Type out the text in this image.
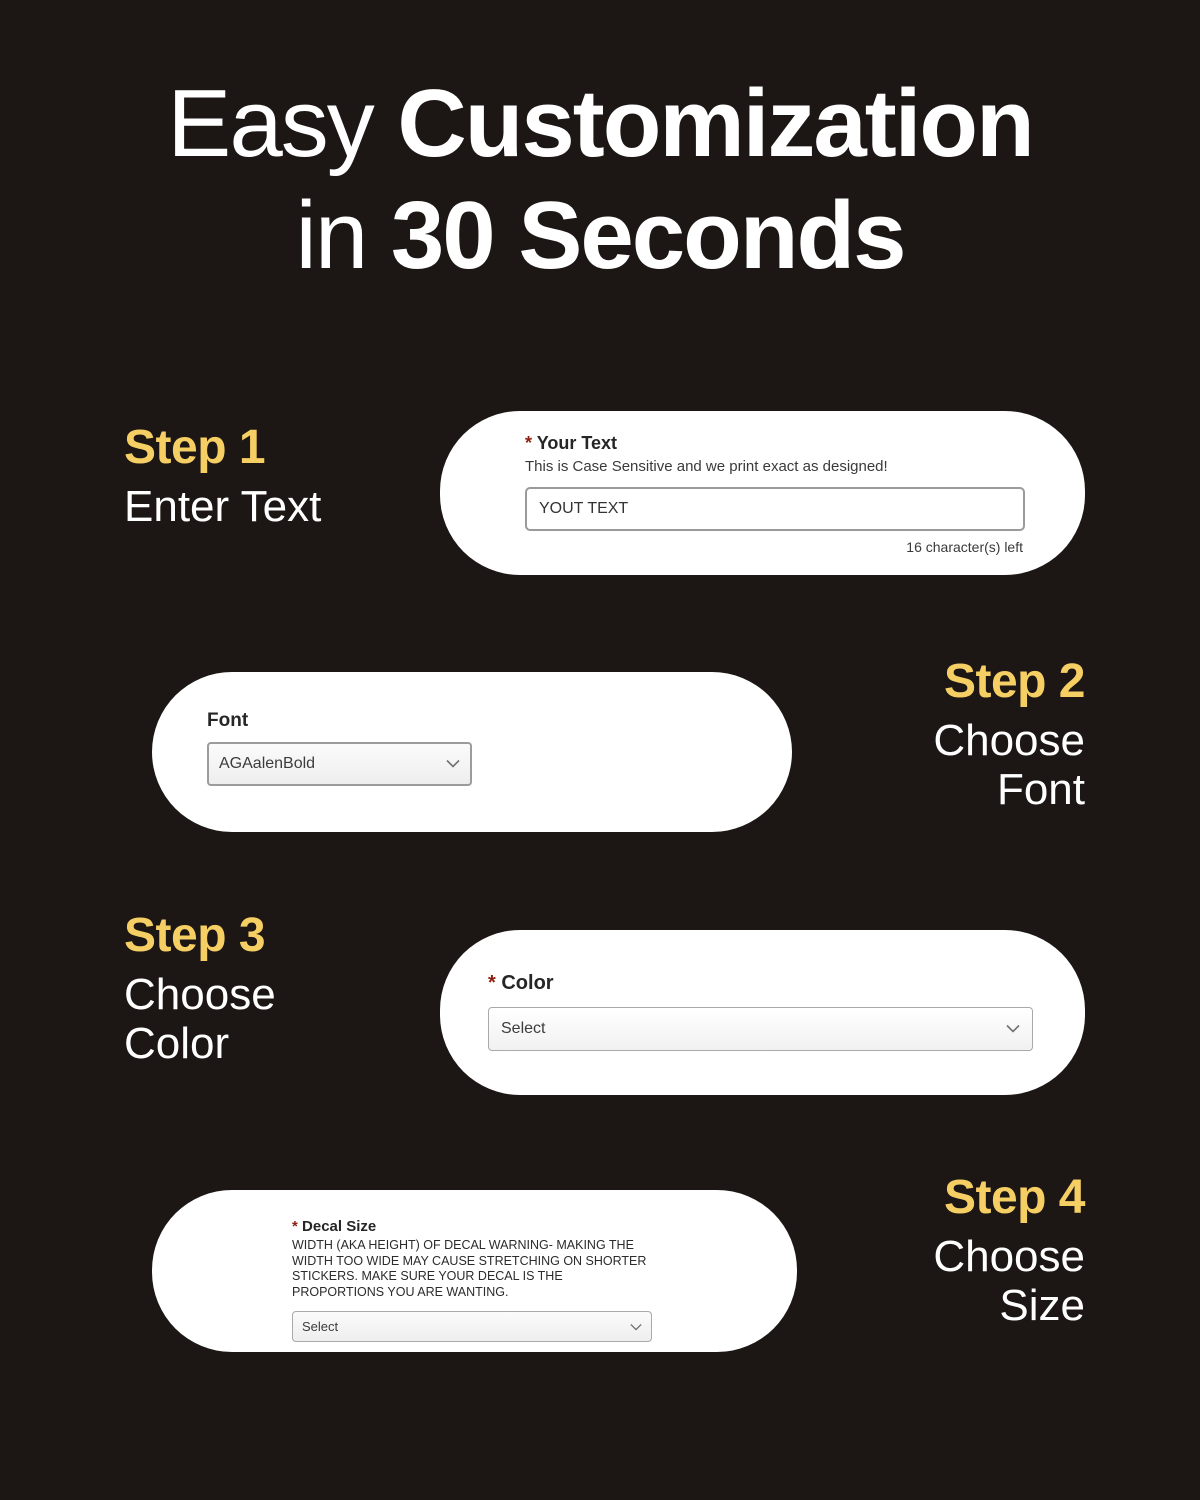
Easy Customization
in 30 Seconds

Step 1

Enter Text

* Your Text

This is Case Sensitive and we print exact as designed!

YOUT TEXT

16 character(s) left

Step 2

Choose

Font

Font

AGAalenBold

Step 3

Choose

Color

* Color

Select

Step 4

Choose

Size

* Decal Size

WIDTH (AKA HEIGHT) OF DECAL WARNING- MAKING THE WIDTH TOO WIDE MAY CAUSE STRETCHING ON SHORTER STICKERS. MAKE SURE YOUR DECAL IS THE PROPORTIONS YOU ARE WANTING.

Select
